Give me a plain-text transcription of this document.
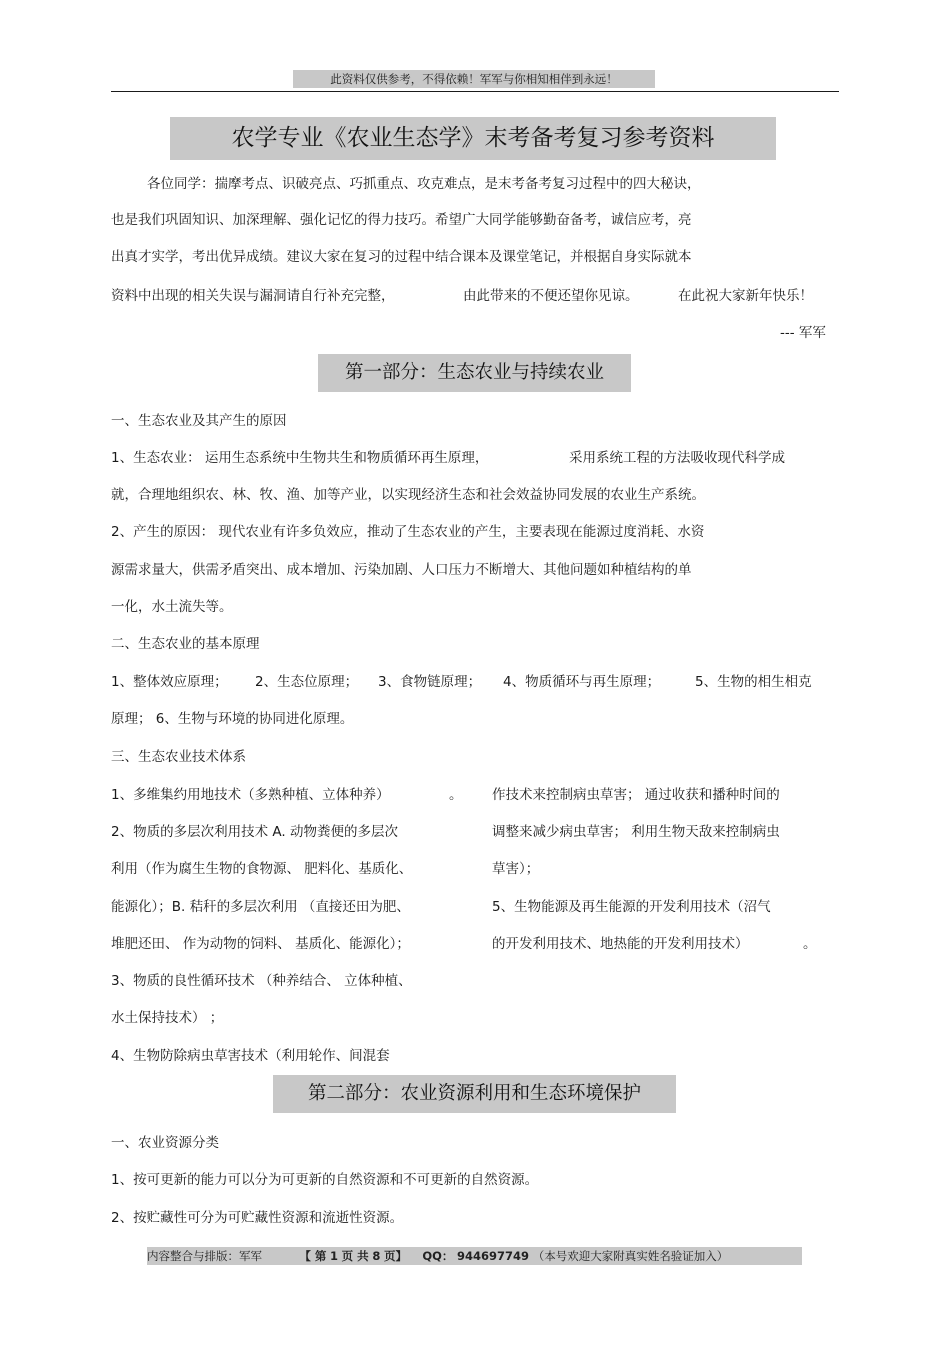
此资料仅供参考，不得依赖！军军与你相知相伴到永远！
农学专业《农业生态学》末考备考复习参考资料
各位同学：揣摩考点、识破亮点、巧抓重点、攻克难点，是末考备考复习过程中的四大秘诀，
也是我们巩固知识、加深理解、强化记忆的得力技巧。希望广大同学能够勤奋备考，诚信应考，亮
出真才实学，考出优异成绩。建议大家在复习的过程中结合课本及课堂笔记，并根据自身实际就本
资料中出现的相关失误与漏洞请自行补充完整，	由此带来的不便还望你见谅。	在此祝大家新年快乐！
--- 军军
第一部分：生态农业与持续农业
一、生态农业及其产生的原因
1、生态农业： 运用生态系统中生物共生和物质循环再生原理，	采用系统工程的方法吸收现代科学成
就，合理地组织农、林、牧、渔、加等产业，以实现经济生态和社会效益协同发展的农业生产系统。
2、产生的原因： 现代农业有许多负效应，推动了生态农业的产生，主要表现在能源过度消耗、水资
源需求量大，供需矛盾突出、成本增加、污染加剧、人口压力不断增大、其他问题如种植结构的单
一化，水土流失等。
二、生态农业的基本原理
1、整体效应原理； 2、生态位原理； 3、食物链原理； 4、物质循环与再生原理；	5、生物的相生相克
原理； 6、生物与环境的协同进化原理。
三、生态农业技术体系
1、多维集约用地技术（多熟种植、立体种养）	。
2、物质的多层次利用技术 A. 动物粪便的多层次
利用（作为腐生生物的食物源、 肥料化、基质化、
能源化）；B. 秸秆的多层次利用 （直接还田为肥、
堆肥还田、 作为动物的饲料、 基质化、能源化）；
3、物质的良性循环技术 （种养结合、 立体种植、
水土保持技术） ；
4、生物防除病虫草害技术（利用轮作、间混套
作技术来控制病虫草害； 通过收获和播种时间的
调整来减少病虫草害； 利用生物天敌来控制病虫
草害）；
5、生物能源及再生能源的开发利用技术（沼气
的开发利用技术、地热能的开发利用技术）	。
第二部分：农业资源利用和生态环境保护
一、农业资源分类
1、按可更新的能力可以分为可更新的自然资源和不可更新的自然资源。
2、按贮藏性可分为可贮藏性资源和流逝性资源。
内容整合与排版：军军	【 第 1 页 共 8 页】 QQ： 944697749 （本号欢迎大家附真实姓名验证加入）
